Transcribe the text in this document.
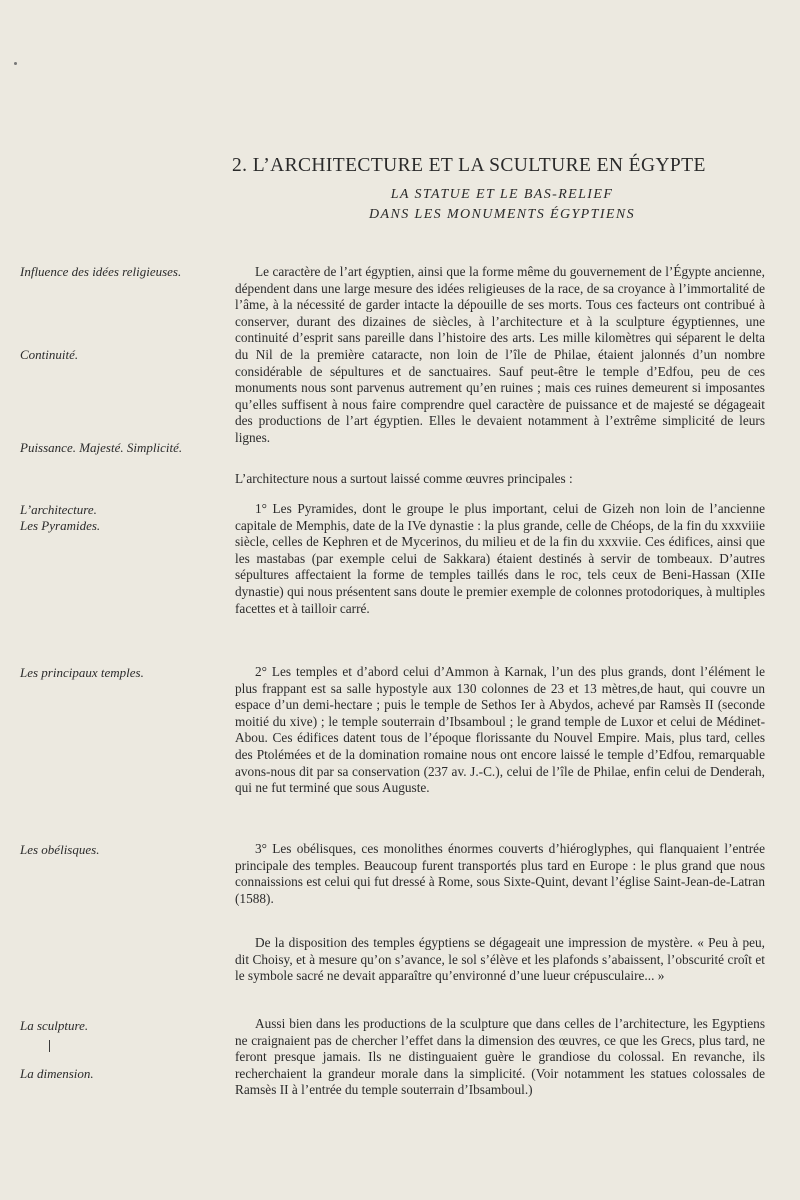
2. L’ARCHITECTURE ET LA SCULTURE EN ÉGYPTE
LA STATUE ET LE BAS-RELIEF
DANS LES MONUMENTS ÉGYPTIENS

Influence des idées religieuses.

Continuité.

Puissance. Majesté. Simplicité.

L’architecture.

Les Pyramides.

Les principaux temples.

Les obélisques.

La sculpture.

La dimension.

Le caractère de l’art égyptien, ainsi que la forme même du gouvernement de l’Égypte ancienne, dépendent dans une large mesure des idées religieuses de la race, de sa croyance à l’immortalité de l’âme, à la nécessité de garder intacte la dépouille de ses morts. Tous ces facteurs ont contribué à conserver, durant des dizaines de siècles, à l’architecture et à la sculpture égyptiennes, une continuité d’esprit sans pareille dans l’histoire des arts. Les mille kilomètres qui séparent le delta du Nil de la première cataracte, non loin de l’île de Philae, étaient jalonnés d’un nombre considérable de sépultures et de sanctuaires. Sauf peut-être le temple d’Edfou, peu de ces monuments nous sont parvenus autrement qu’en ruines ; mais ces ruines demeurent si imposantes qu’elles suffisent à nous faire comprendre quel caractère de puissance et de majesté se dégageait des productions de l’art égyptien. Elles le devaient notamment à l’extrême simplicité de leurs lignes.

L’architecture nous a surtout laissé comme œuvres principales :

1° Les Pyramides, dont le groupe le plus important, celui de Gizeh non loin de l’ancienne capitale de Memphis, date de la IVe dynastie : la plus grande, celle de Chéops, de la fin du xxxviiie siècle, celles de Kephren et de Mycerinos, du milieu et de la fin du xxxviie. Ces édifices, ainsi que les mastabas (par exemple celui de Sakkara) étaient destinés à servir de tombeaux. D’autres sépultures affectaient la forme de temples taillés dans le roc, tels ceux de Beni-Hassan (XIIe dynastie) qui nous présentent sans doute le premier exemple de colonnes protodoriques, à multiples facettes et à tailloir carré.

2° Les temples et d’abord celui d’Ammon à Karnak, l’un des plus grands, dont l’élément le plus frappant est sa salle hypostyle aux 130 colonnes de 23 et 13 mètres,de haut, qui couvre un espace d’un demi-hectare ; puis le temple de Sethos Ier à Abydos, achevé par Ramsès II (seconde moitié du xive) ; le temple souterrain d’Ibsamboul ; le grand temple de Luxor et celui de Médinet-Abou. Ces édifices datent tous de l’époque florissante du Nouvel Empire. Mais, plus tard, celles des Ptolémées et de la domination romaine nous ont encore laissé le temple d’Edfou, remarquable avons-nous dit par sa conservation (237 av. J.-C.), celui de l’île de Philae, enfin celui de Denderah, qui ne fut terminé que sous Auguste.

3° Les obélisques, ces monolithes énormes couverts d’hiéroglyphes, qui flanquaient l’entrée principale des temples. Beaucoup furent transportés plus tard en Europe : le plus grand que nous connaissions est celui qui fut dressé à Rome, sous Sixte-Quint, devant l’église Saint-Jean-de-Latran (1588).

De la disposition des temples égyptiens se dégageait une impression de mystère. « Peu à peu, dit Choisy, et à mesure qu’on s’avance, le sol s’élève et les plafonds s’abaissent, l’obscurité croît et le symbole sacré ne devait apparaître qu’environné d’une lueur crépusculaire... »

Aussi bien dans les productions de la sculpture que dans celles de l’architecture, les Egyptiens ne craignaient pas de chercher l’effet dans la dimension des œuvres, ce que les Grecs, plus tard, ne feront presque jamais. Ils ne distinguaient guère le grandiose du colossal. En revanche, ils recherchaient la grandeur morale dans la simplicité. (Voir notamment les statues colossales de Ramsès II à l’entrée du temple souterrain d’Ibsamboul.)
